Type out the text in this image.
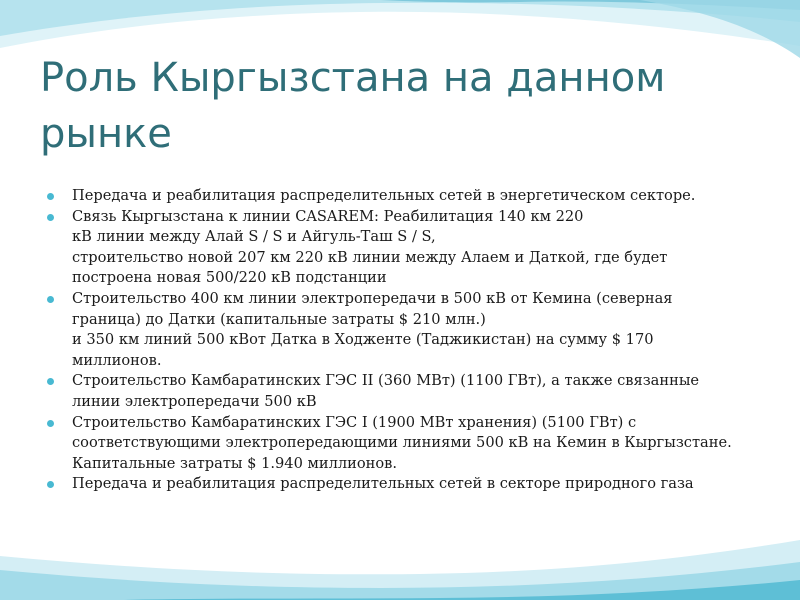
Роль Кыргызстана на данном рынке
Передача и реабилитация распределительных сетей в энергетическом секторе.
Связь Кыргызстана к линии CASAREM: Реабилитация 140 км 220
кВ линии между Алай S / S и Айгуль-Таш S / S,
строительство новой 207 км 220 кВ линии между Алаем и Даткой, где будет построена новая 500/220 кВ подстанции
Строительство 400 км линии электропередачи в 500 кВ от Кемина (северная граница) до Датки (капитальные затраты $ 210 млн.)
и 350 км линий 500 кВот Датка в Ходженте (Таджикистан) на сумму $ 170 миллионов.
Строительство Камбаратинских ГЭС II (360 МВт) (1100 ГВт), а также связанные линии электропередачи 500 кВ
Строительство Камбаратинских ГЭС I (1900 МВт хранения) (5100 ГВт) с соответствующими электропередающими линиями 500 кВ на Кемин в Кыргызстане. Капитальные затраты $ 1.940 миллионов.
Передача и реабилитация распределительных сетей в секторе природного газа
